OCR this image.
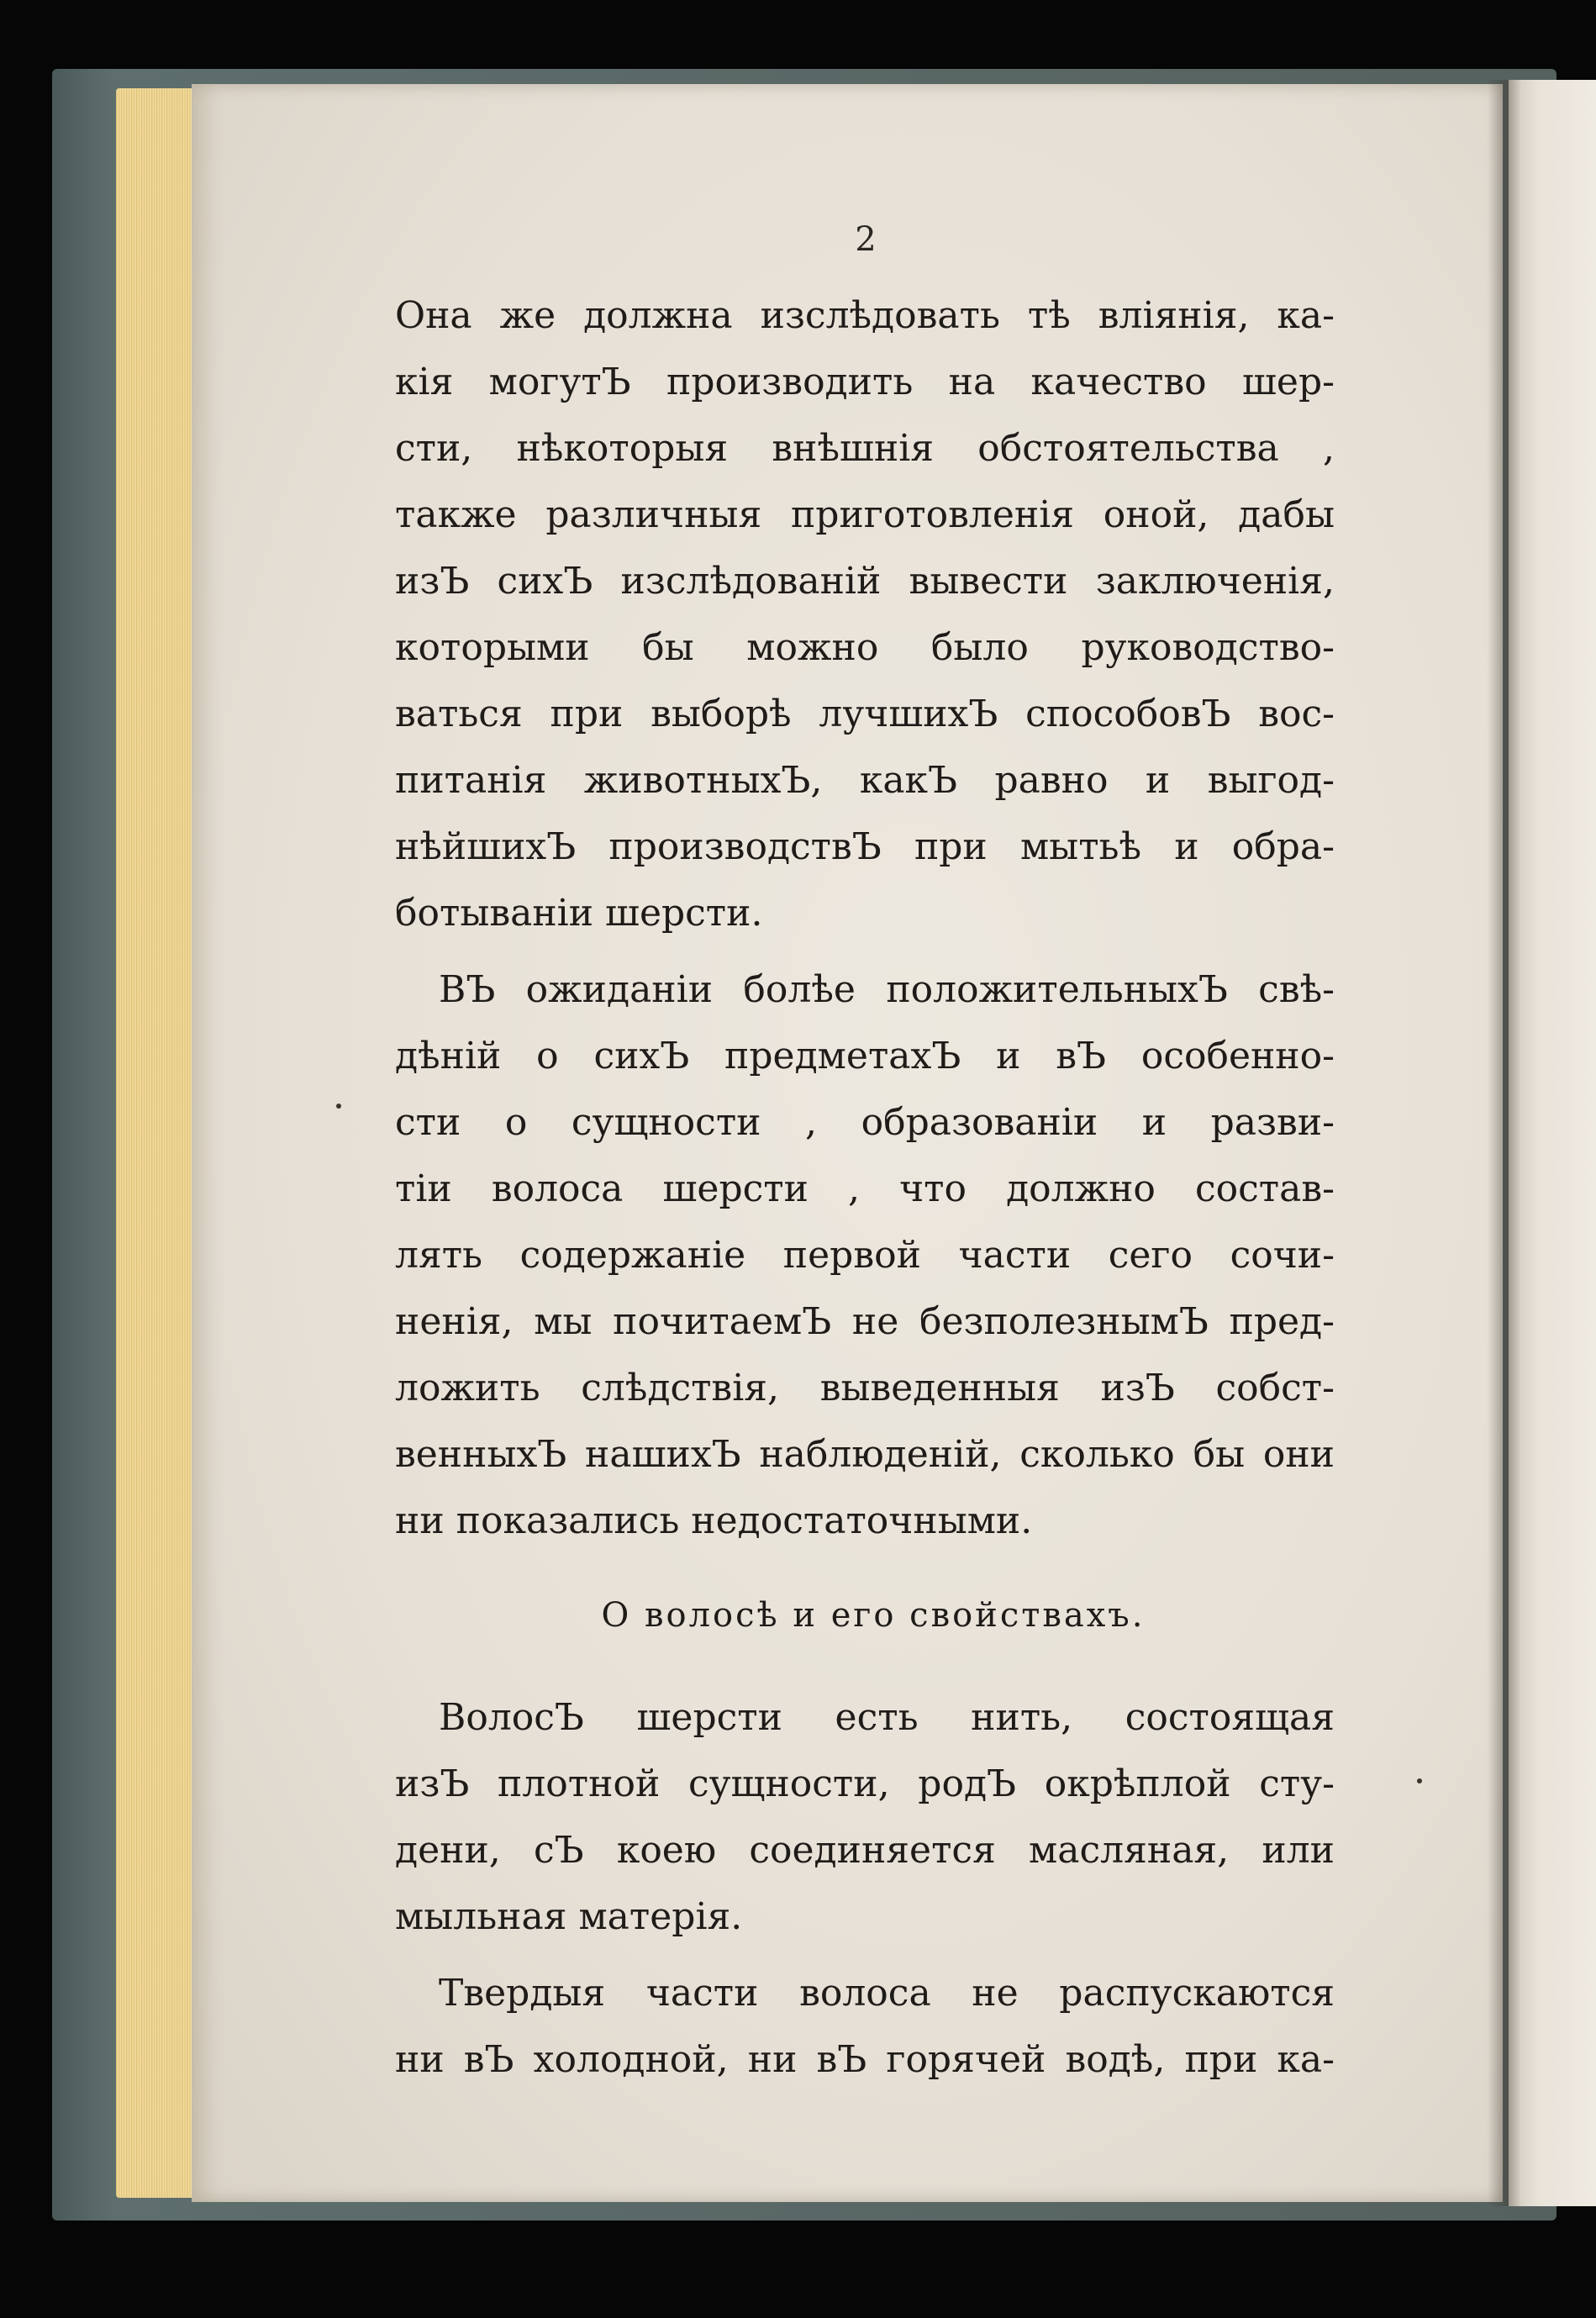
2
Она же должна изслѣдовать тѣ вліянія, ка-
кія могутЪ производить на качество шер-
сти, нѣкоторыя внѣшнія обстоятельства ,
также различныя приготовленія оной, дабы
изЪ сихЪ изслѣдованій вывести заключенія,
которыми бы можно было руководство-
ваться при выборѣ лучшихЪ способовЪ вос-
питанія животныхЪ, какЪ равно и выгод-
нѣйшихЪ производствЪ при мытьѣ и обра-
ботываніи шерсти.
ВЪ ожиданіи болѣе положительныхЪ свѣ-
дѣній о сихЪ предметахЪ и вЪ особенно-
сти о сущности , образованіи и разви-
тіи волоса шерсти , что должно состав-
лять содержаніе первой части сего сочи-
ненія, мы почитаемЪ не безполезнымЪ пред-
ложить слѣдствія, выведенныя изЪ собст-
венныхЪ нашихЪ наблюденій, сколько бы они
ни показались недостаточными.
О волосѣ и его свойствахъ.
ВолосЪ шерсти есть нить, состоящая
изЪ плотной сущности, родЪ окрѣплой сту-
дени, сЪ коею соединяется масляная, или
мыльная матерія.
Твердыя части волоса не распускаются
ни вЪ холодной, ни вЪ горячей водѣ, при ка-
